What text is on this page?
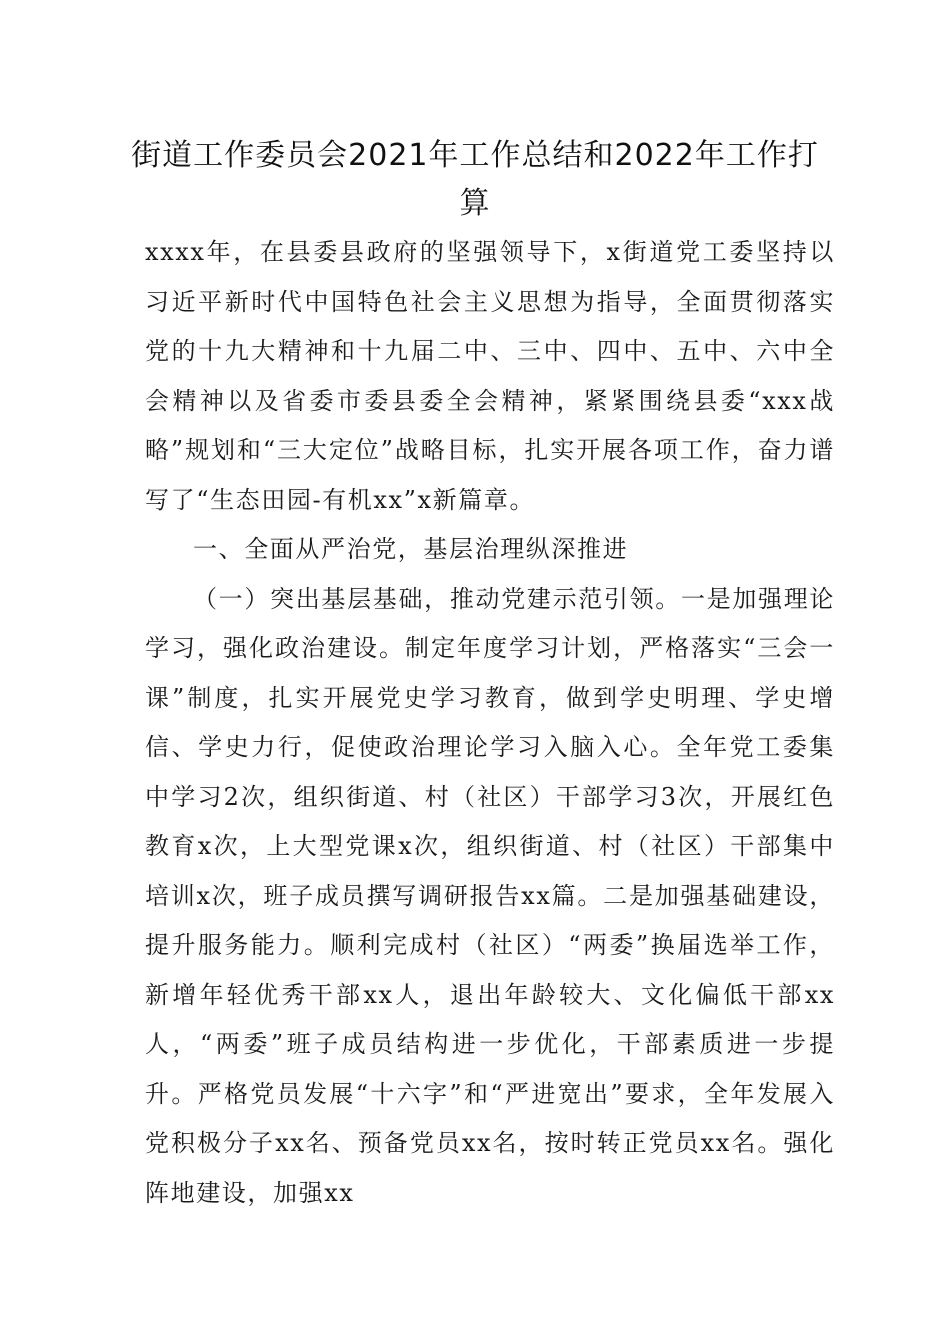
街道工作委员会2021年工作总结和2022年工作打算

xxxx年，在县委县政府的坚强领导下，x街道党工委坚持以习近平新时代中国特色社会主义思想为指导，全面贯彻落实党的十九大精神和十九届二中、三中、四中、五中、六中全会精神以及省委市委县委全会精神，紧紧围绕县委“xxx战略”规划和“三大定位”战略目标，扎实开展各项工作，奋力谱写了“生态田园-有机xx”x新篇章。

一、全面从严治党，基层治理纵深推进

（一）突出基层基础，推动党建示范引领。一是加强理论学习，强化政治建设。制定年度学习计划，严格落实“三会一课”制度，扎实开展党史学习教育，做到学史明理、学史增信、学史力行，促使政治理论学习入脑入心。全年党工委集中学习2次，组织街道、村（社区）干部学习3次，开展红色教育x次，上大型党课x次，组织街道、村（社区）干部集中培训x次，班子成员撰写调研报告xx篇。二是加强基础建设，提升服务能力。顺利完成村（社区）“两委”换届选举工作，新增年轻优秀干部xx人，退出年龄较大、文化偏低干部xx人，“两委”班子成员结构进一步优化，干部素质进一步提升。严格党员发展“十六字”和“严进宽出”要求，全年发展入党积极分子xx名、预备党员xx名，按时转正党员xx名。强化阵地建设，加强xx
